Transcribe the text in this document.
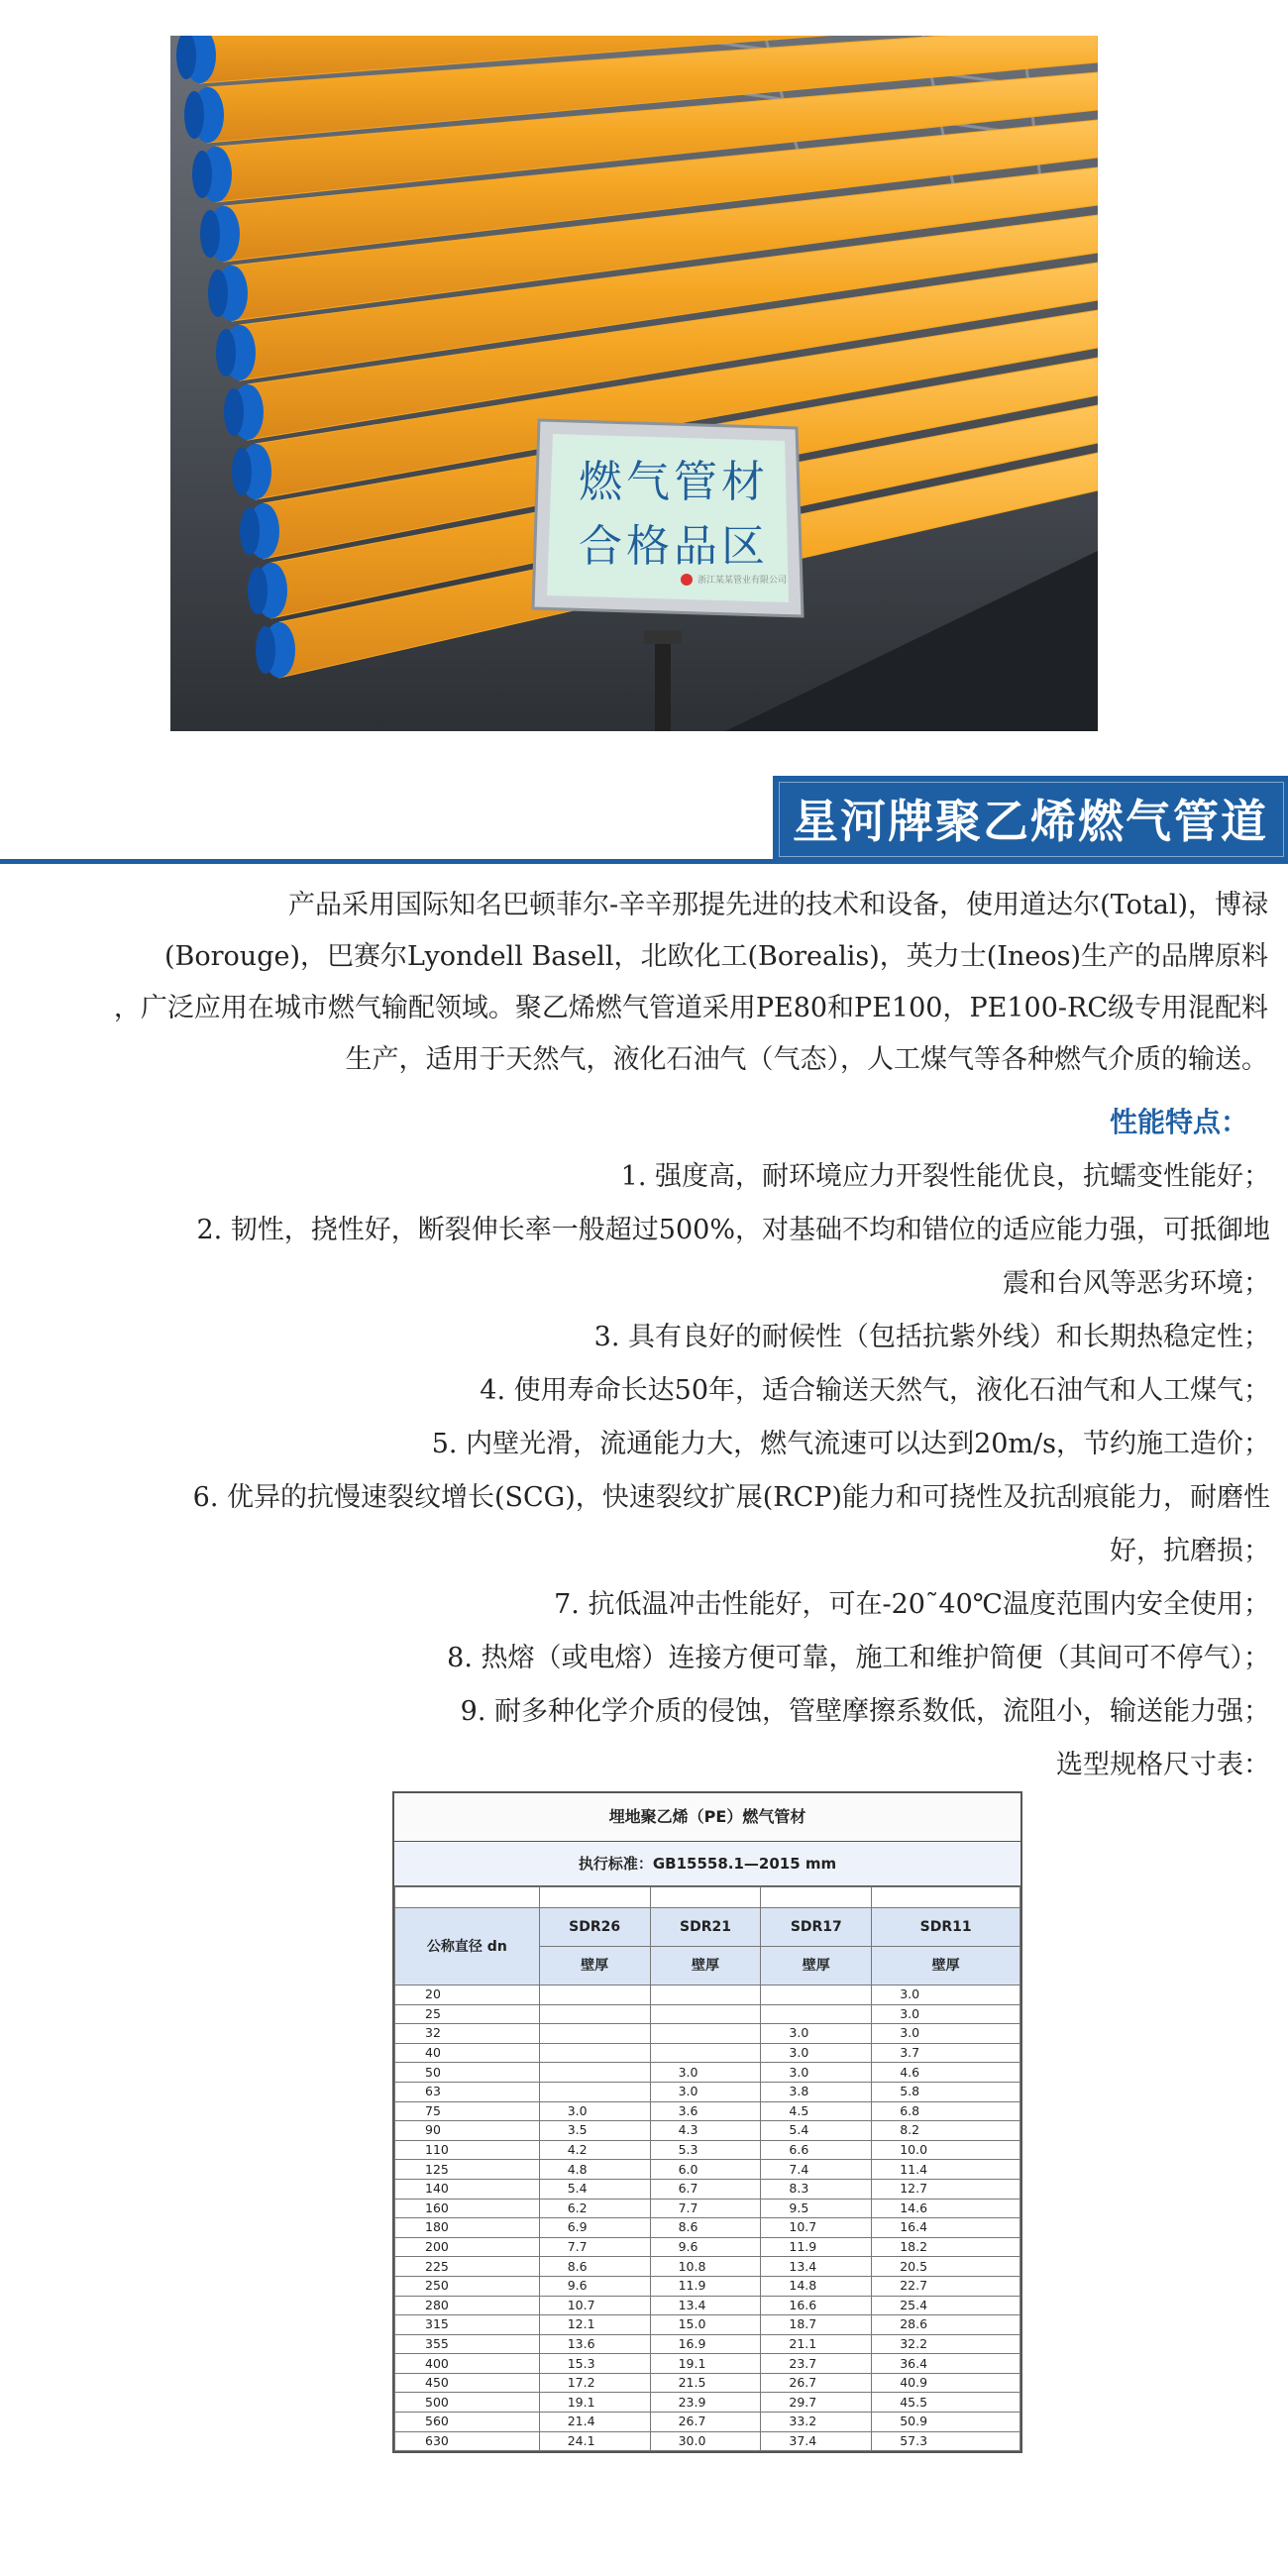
燃气管材
合格品区
浙江某某管业有限公司
星河牌聚乙烯燃气管道
产品采用国际知名巴顿菲尔-辛辛那提先进的技术和设备，使用道达尔(Total)，博禄
(Borouge)，巴赛尔Lyondell Basell，北欧化工(Borealis)，英力士(Ineos)生产的品牌原料
，广泛应用在城市燃气输配领域。聚乙烯燃气管道采用PE80和PE100，PE100-RC级专用混配料
生产，适用于天然气，液化石油气（气态），人工煤气等各种燃气介质的输送。
性能特点：
1. 强度高，耐环境应力开裂性能优良，抗蠕变性能好；
2. 韧性，挠性好，断裂伸长率一般超过500%，对基础不均和错位的适应能力强，可抵御地
震和台风等恶劣环境；
3. 具有良好的耐候性（包括抗紫外线）和长期热稳定性；
4. 使用寿命长达50年，适合输送天然气，液化石油气和人工煤气；
5. 内壁光滑，流通能力大，燃气流速可以达到20m/s，节约施工造价；
6. 优异的抗慢速裂纹增长(SCG)，快速裂纹扩展(RCP)能力和可挠性及抗刮痕能力，耐磨性
好，抗磨损；
7. 抗低温冲击性能好，可在-20˜40℃温度范围内安全使用；
8. 热熔（或电熔）连接方便可靠，施工和维护简便（其间可不停气）；
9. 耐多种化学介质的侵蚀，管壁摩擦系数低，流阻小，输送能力强；
选型规格尺寸表：
埋地聚乙烯（PE）燃气管材
执行标准：GB15558.1—2015 mm

公称直径 dn	SDR26	SDR21	SDR17	SDR11
	壁厚	壁厚	壁厚	壁厚
20				3.0
25				3.0
32			3.0	3.0
40			3.0	3.7
50		3.0	3.0	4.6
63		3.0	3.8	5.8
75	3.0	3.6	4.5	6.8
90	3.5	4.3	5.4	8.2
110	4.2	5.3	6.6	10.0
125	4.8	6.0	7.4	11.4
140	5.4	6.7	8.3	12.7
160	6.2	7.7	9.5	14.6
180	6.9	8.6	10.7	16.4
200	7.7	9.6	11.9	18.2
225	8.6	10.8	13.4	20.5
250	9.6	11.9	14.8	22.7
280	10.7	13.4	16.6	25.4
315	12.1	15.0	18.7	28.6
355	13.6	16.9	21.1	32.2
400	15.3	19.1	23.7	36.4
450	17.2	21.5	26.7	40.9
500	19.1	23.9	29.7	45.5
560	21.4	26.7	33.2	50.9
630	24.1	30.0	37.4	57.3
